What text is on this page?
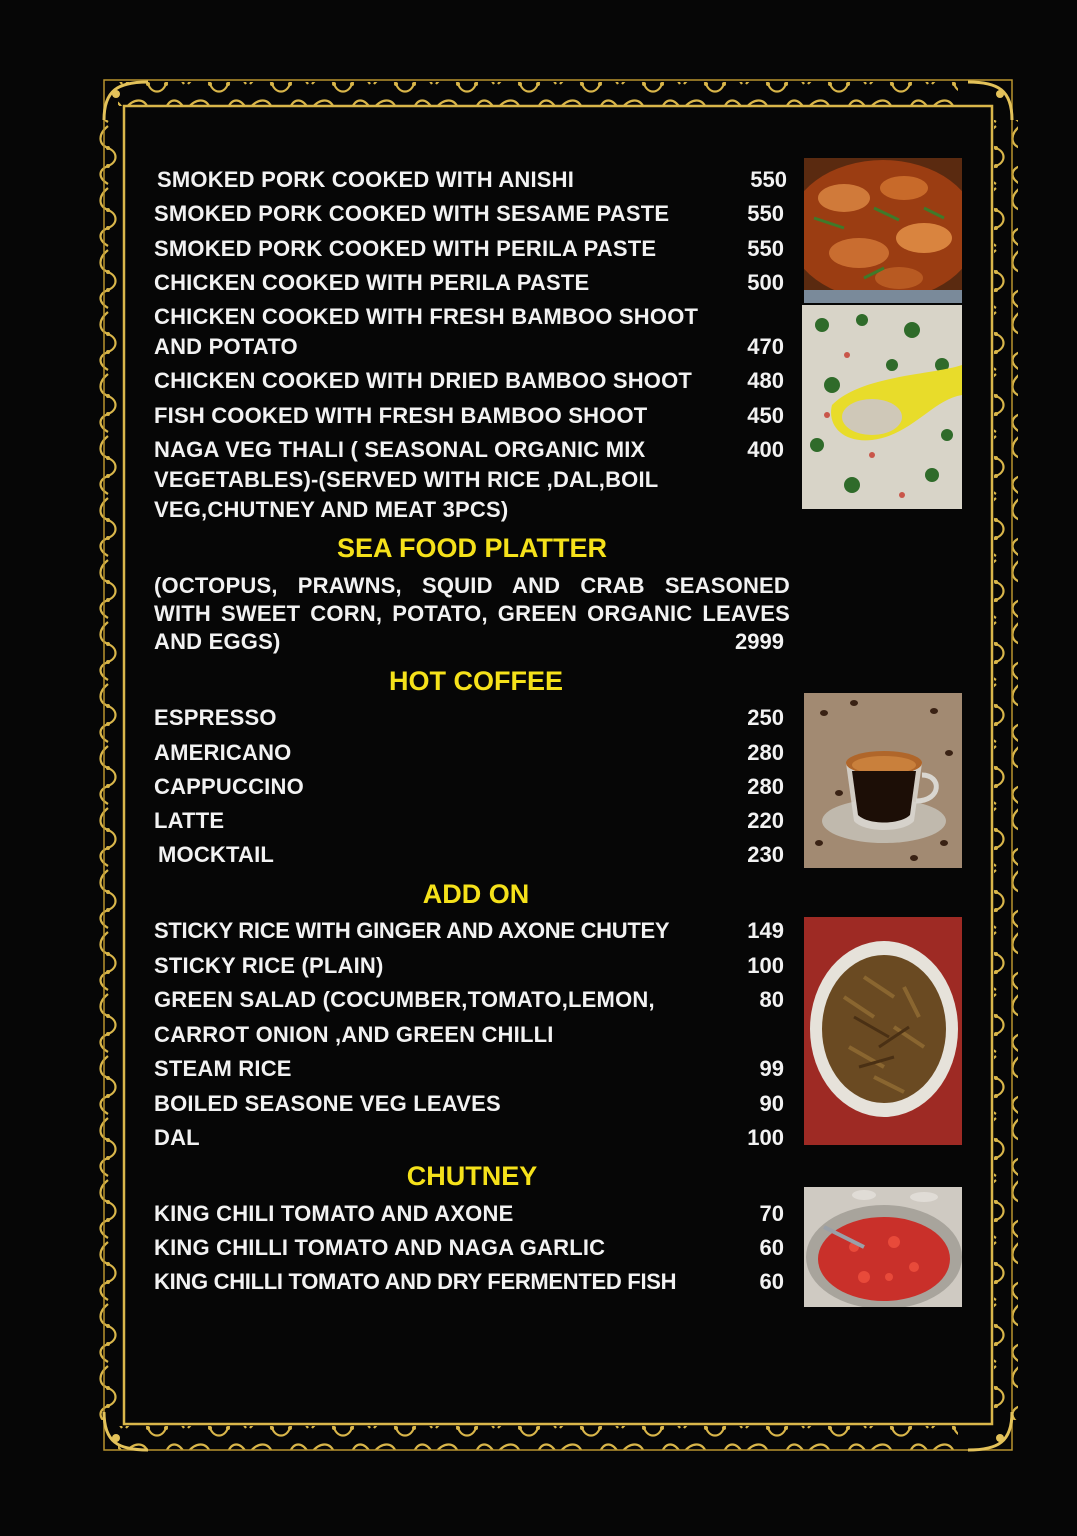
SMOKED PORK COOKED WITH ANISHI	550
SMOKED PORK COOKED WITH SESAME PASTE	550
SMOKED PORK COOKED WITH PERILA PASTE	550
CHICKEN COOKED WITH PERILA PASTE	500
CHICKEN COOKED WITH FRESH BAMBOO SHOOT
AND POTATO	470
CHICKEN COOKED WITH DRIED BAMBOO SHOOT	480
FISH COOKED WITH FRESH BAMBOO SHOOT	450
NAGA VEG THALI ( SEASONAL ORGANIC MIX
VEGETABLES)-(SERVED WITH RICE ,DAL,BOIL
VEG,CHUTNEY AND MEAT 3PCS)
400
SEA FOOD PLATTER
(OCTOPUS, PRAWNS, SQUID AND CRAB SEASONED
WITH SWEET CORN, POTATO, GREEN ORGANIC LEAVES
AND EGGS)	2999
HOT COFFEE
ESPRESSO	250
AMERICANO	280
CAPPUCCINO	280
LATTE	220
MOCKTAIL	230
ADD ON
STICKY RICE WITH GINGER AND AXONE CHUTEY	149
STICKY RICE (PLAIN)	100
GREEN SALAD (COCUMBER,TOMATO,LEMON,
CARROT ONION ,AND GREEN CHILLI
80
STEAM RICE	99
BOILED SEASONE VEG LEAVES	90
DAL	100
CHUTNEY
KING CHILI TOMATO AND AXONE	70
KING CHILLI TOMATO AND NAGA GARLIC	60
KING CHILLI TOMATO AND DRY FERMENTED FISH	60
